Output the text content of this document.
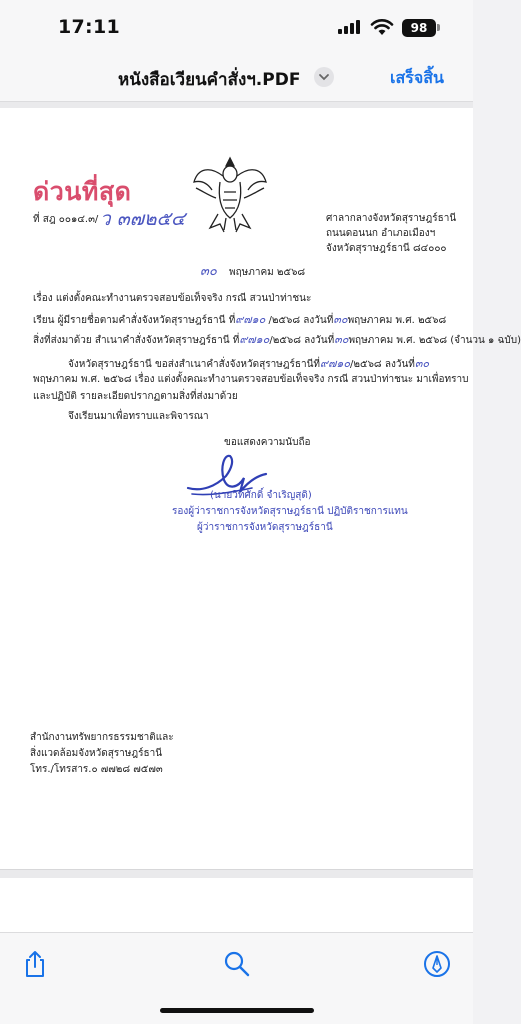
17:11	98
หนังสือเวียนคำสั่งฯ.PDF	เสร็จสิ้น
ด่วนที่สุด
ที่ สฎ ๐๐๑๔.๓/ ว ๓๗๒๕๔	ศาลากลางจังหวัดสุราษฎร์ธานี
ถนนดอนนก อำเภอเมืองฯ
จังหวัดสุราษฎร์ธานี ๘๔๐๐๐
๓๐ พฤษภาคม ๒๕๖๘
เรื่อง แต่งตั้งคณะทำงานตรวจสอบข้อเท็จจริง กรณี สวนป่าท่าชนะ
เรียน ผู้มีรายชื่อตามคำสั่งจังหวัดสุราษฎร์ธานี ที่๙๗๑๐ /๒๕๖๘ ลงวันที่๓๐พฤษภาคม พ.ศ. ๒๕๖๘
สิ่งที่ส่งมาด้วย สำเนาคำสั่งจังหวัดสุราษฎร์ธานี ที่๙๗๑๐/๒๕๖๘ ลงวันที่๓๐พฤษภาคม พ.ศ. ๒๕๖๘ (จำนวน ๑ ฉบับ)
จังหวัดสุราษฎร์ธานี ขอส่งสำเนาคำสั่งจังหวัดสุราษฎร์ธานีที่๙๗๑๐/๒๕๖๘ ลงวันที่๓๐
พฤษภาคม พ.ศ. ๒๕๖๘ เรื่อง แต่งตั้งคณะทำงานตรวจสอบข้อเท็จจริง กรณี สวนป่าท่าชนะ มาเพื่อทราบ
และปฏิบัติ รายละเอียดปรากฏตามสิ่งที่ส่งมาด้วย
จึงเรียนมาเพื่อทราบและพิจารณา
ขอแสดงความนับถือ
(นายวิทศักดิ์ จำเริญสุดิ)
รองผู้ว่าราชการจังหวัดสุราษฎร์ธานี ปฏิบัติราชการแทน
ผู้ว่าราชการจังหวัดสุราษฎร์ธานี
สำนักงานทรัพยากรธรรมชาติและ
สิ่งแวดล้อมจังหวัดสุราษฎร์ธานี
โทร./โทรสาร.๐ ๗๗๒๘ ๗๕๗๓
